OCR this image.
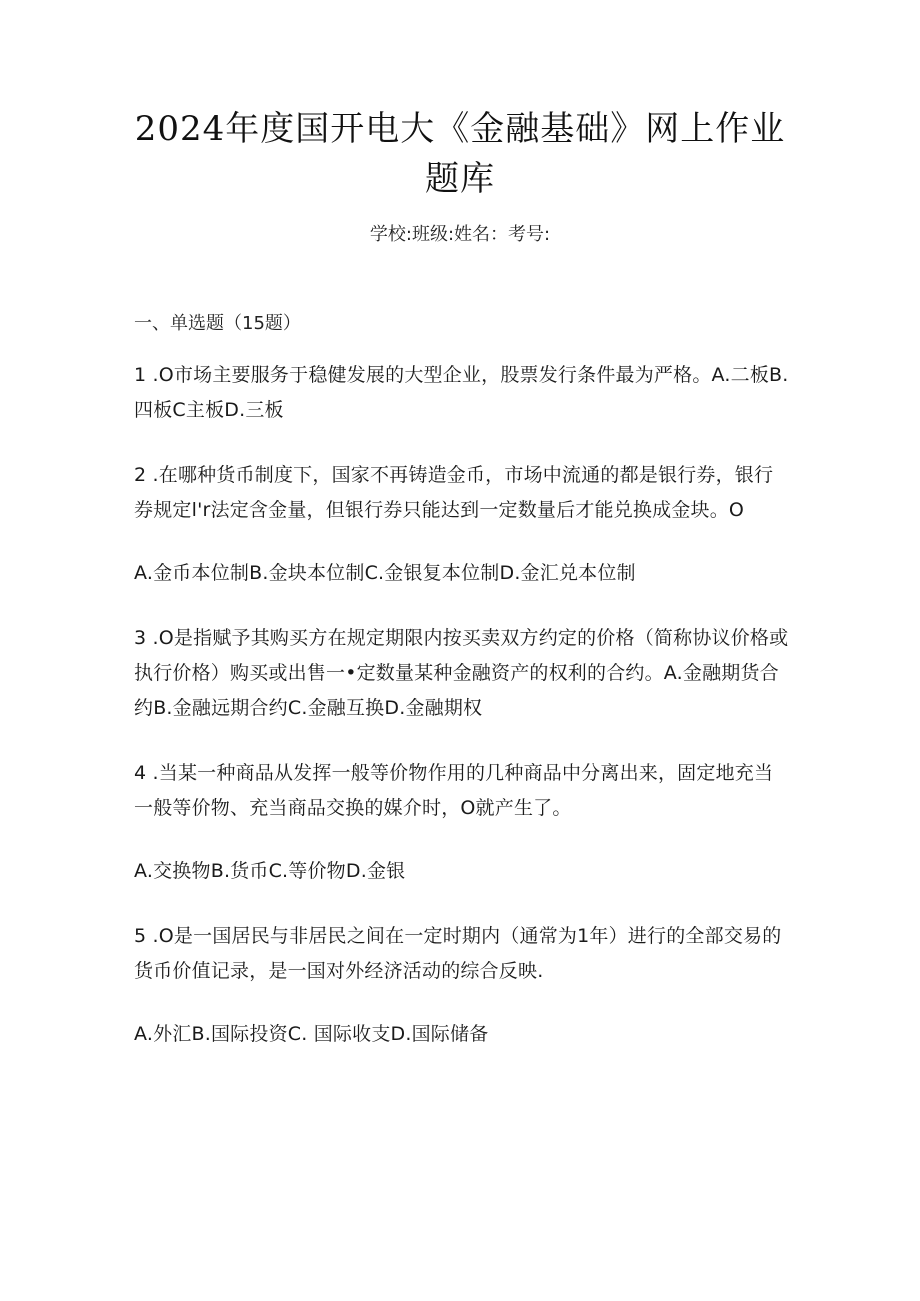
2024年度国开电大《金融基础》网上作业题库
学校:班级:姓名：考号:
一、单选题（15题）

1 .O市场主要服务于稳健发展的大型企业，股票发行条件最为严格。A.二板B.四板C主板D.三板

2 .在哪种货币制度下，国家不再铸造金币，市场中流通的都是银行券，银行券规定l'r法定含金量，但银行券只能达到一定数量后才能兑换成金块。O

A.金币本位制B.金块本位制C.金银复本位制D.金汇兑本位制

3 .O是指赋予其购买方在规定期限内按买卖双方约定的价格（简称协议价格或执行价格）购买或出售一•定数量某种金融资产的权利的合约。A.金融期货合约B.金融远期合约C.金融互换D.金融期权

4 .当某一种商品从发挥一般等价物作用的几种商品中分离出来，固定地充当一般等价物、充当商品交换的媒介时，O就产生了。

A.交换物B.货币C.等价物D.金银

5 .O是一国居民与非居民之间在一定时期内（通常为1年）进行的全部交易的货币价值记录，是一国对外经济活动的综合反映.

A.外汇B.国际投资C. 国际收支D.国际储备
